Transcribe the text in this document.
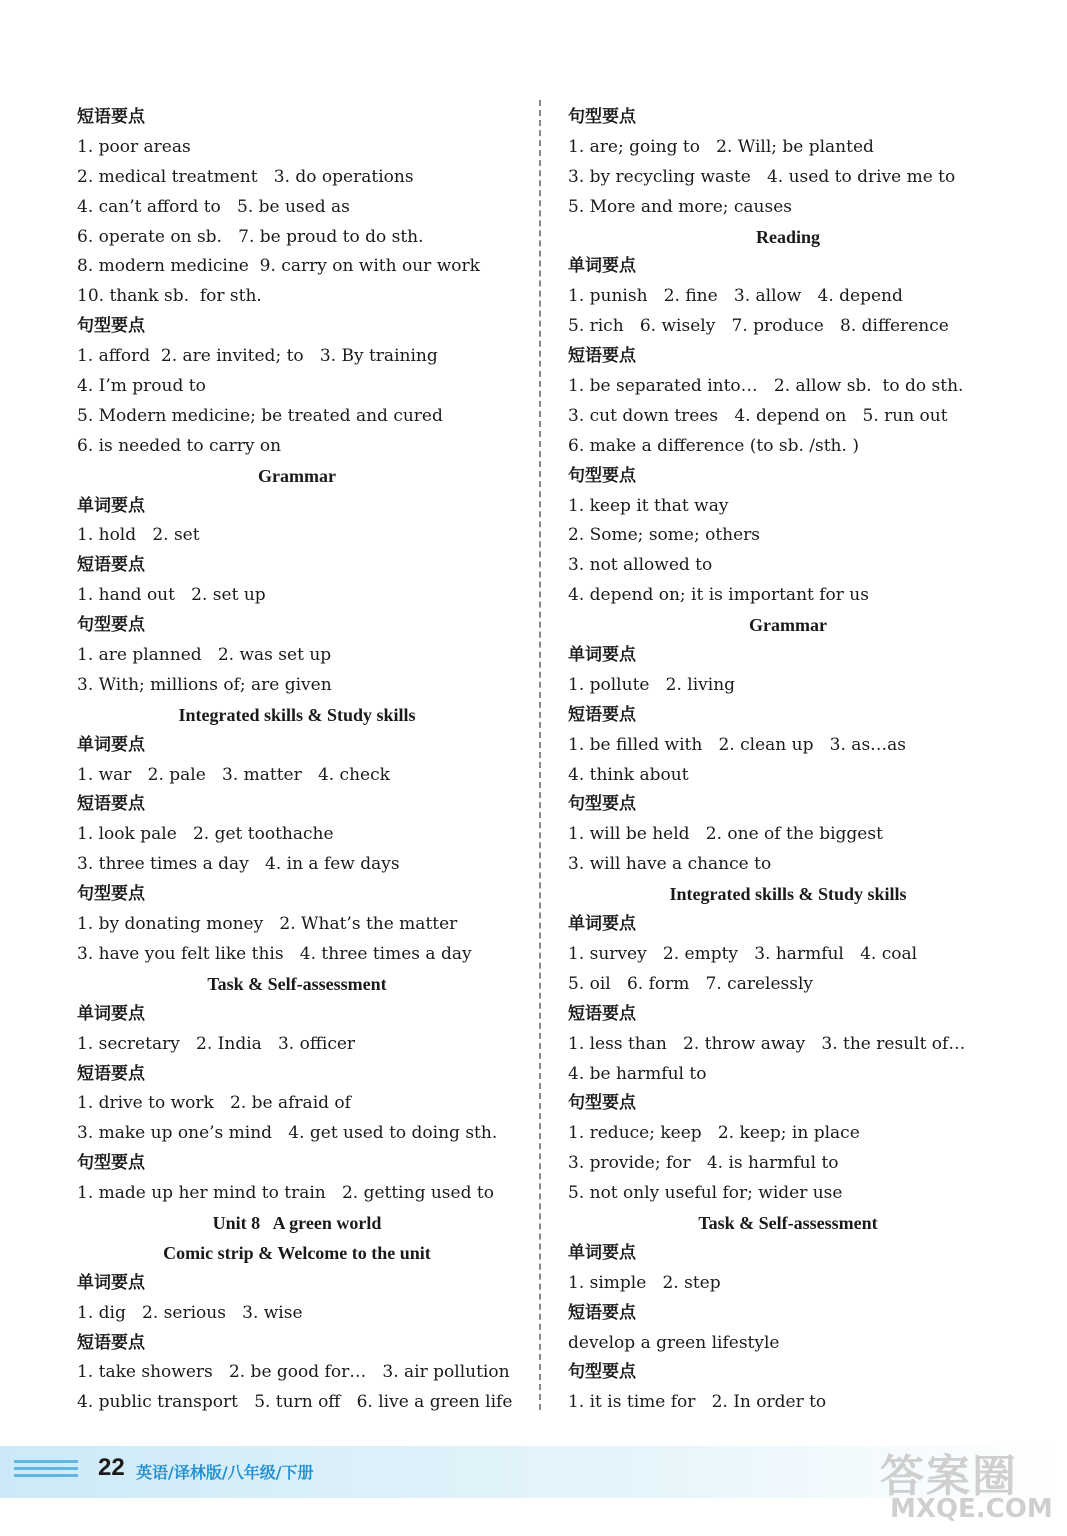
短语要点
1. poor areas
2. medical treatment   3. do operations
4. can’t afford to   5. be used as
6. operate on sb.   7. be proud to do sth.
8. modern medicine  9. carry on with our work
10. thank sb.  for sth.
句型要点
1. afford  2. are invited; to   3. By training
4. I’m proud to
5. Modern medicine; be treated and cured
6. is needed to carry on
Grammar
单词要点
1. hold   2. set
短语要点
1. hand out   2. set up
句型要点
1. are planned   2. was set up
3. With; millions of; are given
Integrated skills & Study skills
单词要点
1. war   2. pale   3. matter   4. check
短语要点
1. look pale   2. get toothache
3. three times a day   4. in a few days
句型要点
1. by donating money   2. What’s the matter
3. have you felt like this   4. three times a day
Task & Self-assessment
单词要点
1. secretary   2. India   3. officer
短语要点
1. drive to work   2. be afraid of
3. make up one’s mind   4. get used to doing sth.
句型要点
1. made up her mind to train   2. getting used to
Unit 8   A green world
Comic strip & Welcome to the unit
单词要点
1. dig   2. serious   3. wise
短语要点
1. take showers   2. be good for…   3. air pollution
4. public transport   5. turn off   6. live a green life
句型要点
1. are; going to   2. Will; be planted
3. by recycling waste   4. used to drive me to
5. More and more; causes
Reading
单词要点
1. punish   2. fine   3. allow   4. depend
5. rich   6. wisely   7. produce   8. difference
短语要点
1. be separated into…   2. allow sb.  to do sth.
3. cut down trees   4. depend on   5. run out
6. make a difference (to sb. /sth. )
句型要点
1. keep it that way
2. Some; some; others
3. not allowed to
4. depend on; it is important for us
Grammar
单词要点
1. pollute   2. living
短语要点
1. be filled with   2. clean up   3. as…as
4. think about
句型要点
1. will be held   2. one of the biggest
3. will have a chance to
Integrated skills & Study skills
单词要点
1. survey   2. empty   3. harmful   4. coal
5. oil   6. form   7. carelessly
短语要点
1. less than   2. throw away   3. the result of…
4. be harmful to
句型要点
1. reduce; keep   2. keep; in place
3. provide; for   4. is harmful to
5. not only useful for; wider use
Task & Self-assessment
单词要点
1. simple   2. step
短语要点
develop a green lifestyle
句型要点
1. it is time for   2. In order to
22 英语/译林版/八年级/下册	答案圈
MXQE.COM
